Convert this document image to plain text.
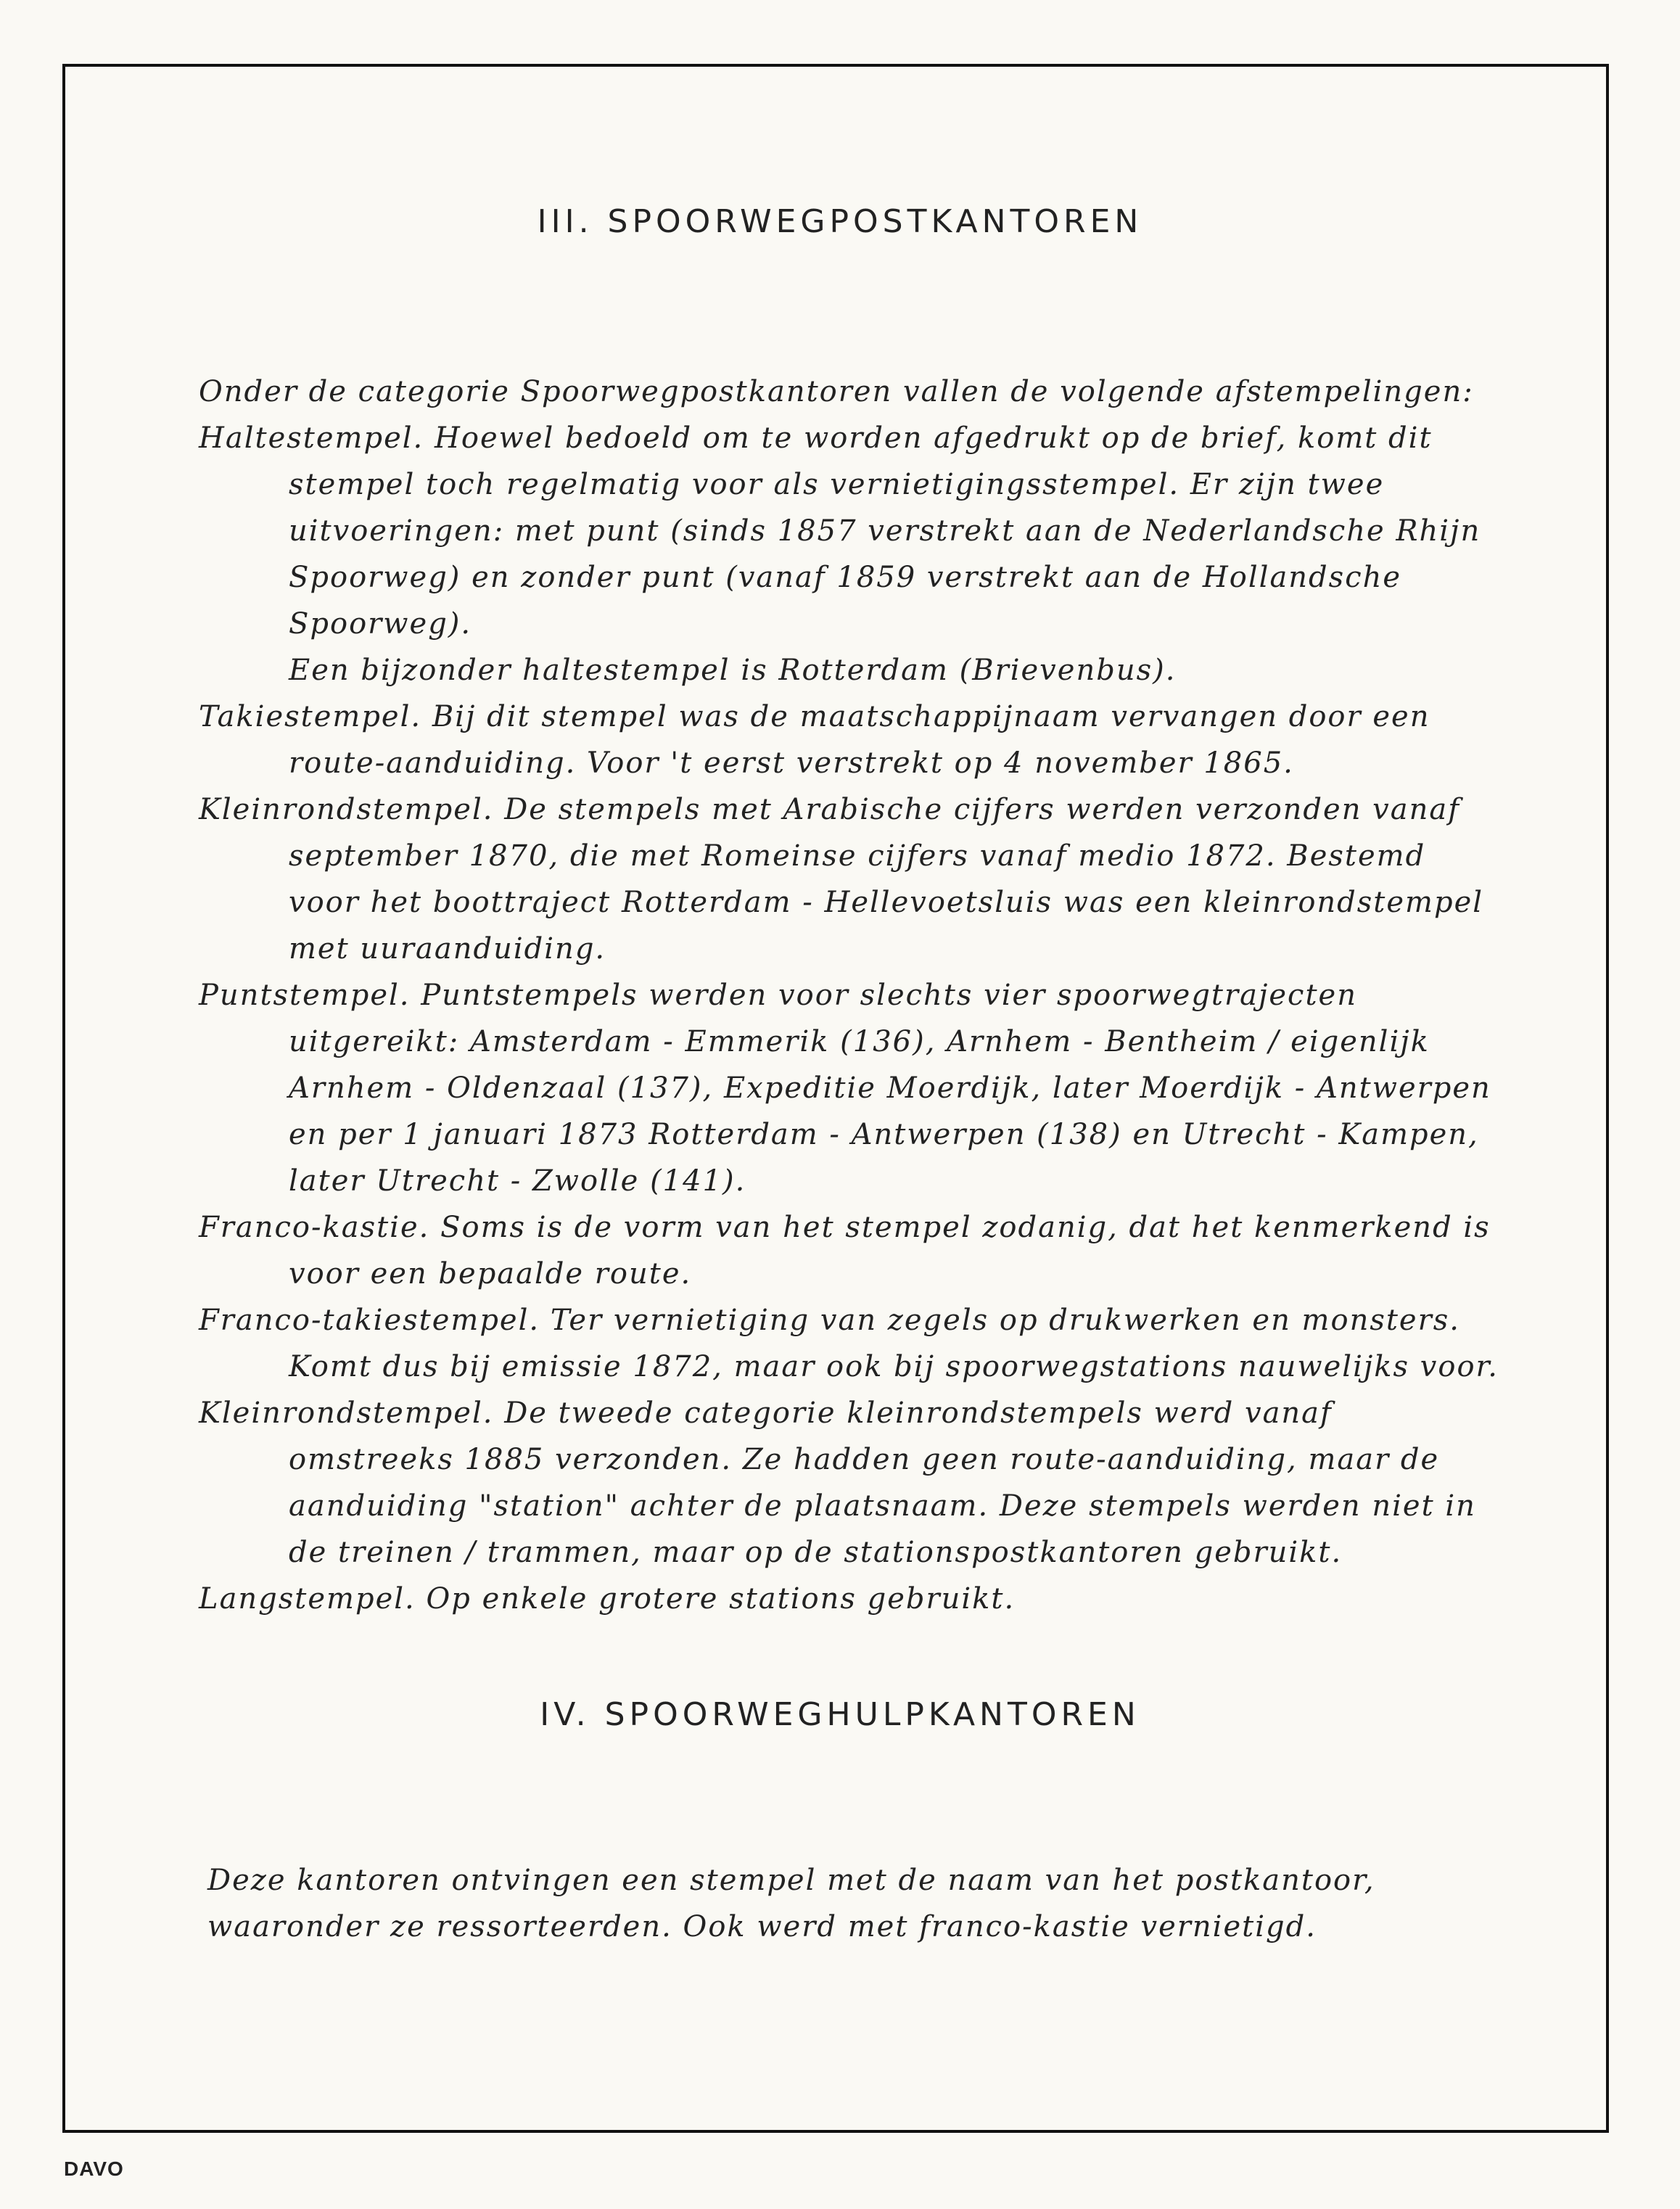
III. SPOORWEGPOSTKANTOREN

Onder de categorie Spoorwegpostkantoren vallen de volgende afstempelingen:

Haltestempel. Hoewel bedoeld om te worden afgedrukt op de brief, komt dit stempel toch regelmatig voor als vernietigingsstempel. Er zijn twee uitvoeringen: met punt (sinds 1857 verstrekt aan de Nederlandsche Rhijn Spoorweg) en zonder punt (vanaf 1859 verstrekt aan de Hollandsche Spoorweg).

Een bijzonder haltestempel is Rotterdam (Brievenbus).

Takiestempel. Bij dit stempel was de maatschappijnaam vervangen door een route-aanduiding. Voor 't eerst verstrekt op 4 november 1865.

Kleinrondstempel. De stempels met Arabische cijfers werden verzonden vanaf september 1870, die met Romeinse cijfers vanaf medio 1872. Bestemd voor het boottraject Rotterdam - Hellevoetsluis was een kleinrondstempel met uuraanduiding.

Puntstempel. Puntstempels werden voor slechts vier spoorwegtrajecten uitgereikt: Amsterdam - Emmerik (136), Arnhem - Bentheim / eigenlijk Arnhem - Oldenzaal (137), Expeditie Moerdijk, later Moerdijk - Antwerpen en per 1 januari 1873 Rotterdam - Antwerpen (138) en Utrecht - Kampen, later Utrecht - Zwolle (141).

Franco-kastie. Soms is de vorm van het stempel zodanig, dat het kenmerkend is voor een bepaalde route.

Franco-takiestempel. Ter vernietiging van zegels op drukwerken en monsters. Komt dus bij emissie 1872, maar ook bij spoorwegstations nauwelijks voor.

Kleinrondstempel. De tweede categorie kleinrondstempels werd vanaf omstreeks 1885 verzonden. Ze hadden geen route-aanduiding, maar de aanduiding "station" achter de plaatsnaam. Deze stempels werden niet in de treinen / trammen, maar op de stationspostkantoren gebruikt.

Langstempel. Op enkele grotere stations gebruikt.

IV. SPOORWEGHULPKANTOREN

Deze kantoren ontvingen een stempel met de naam van het postkantoor, waaronder ze ressorteerden. Ook werd met franco-kastie vernietigd.

DAVO
